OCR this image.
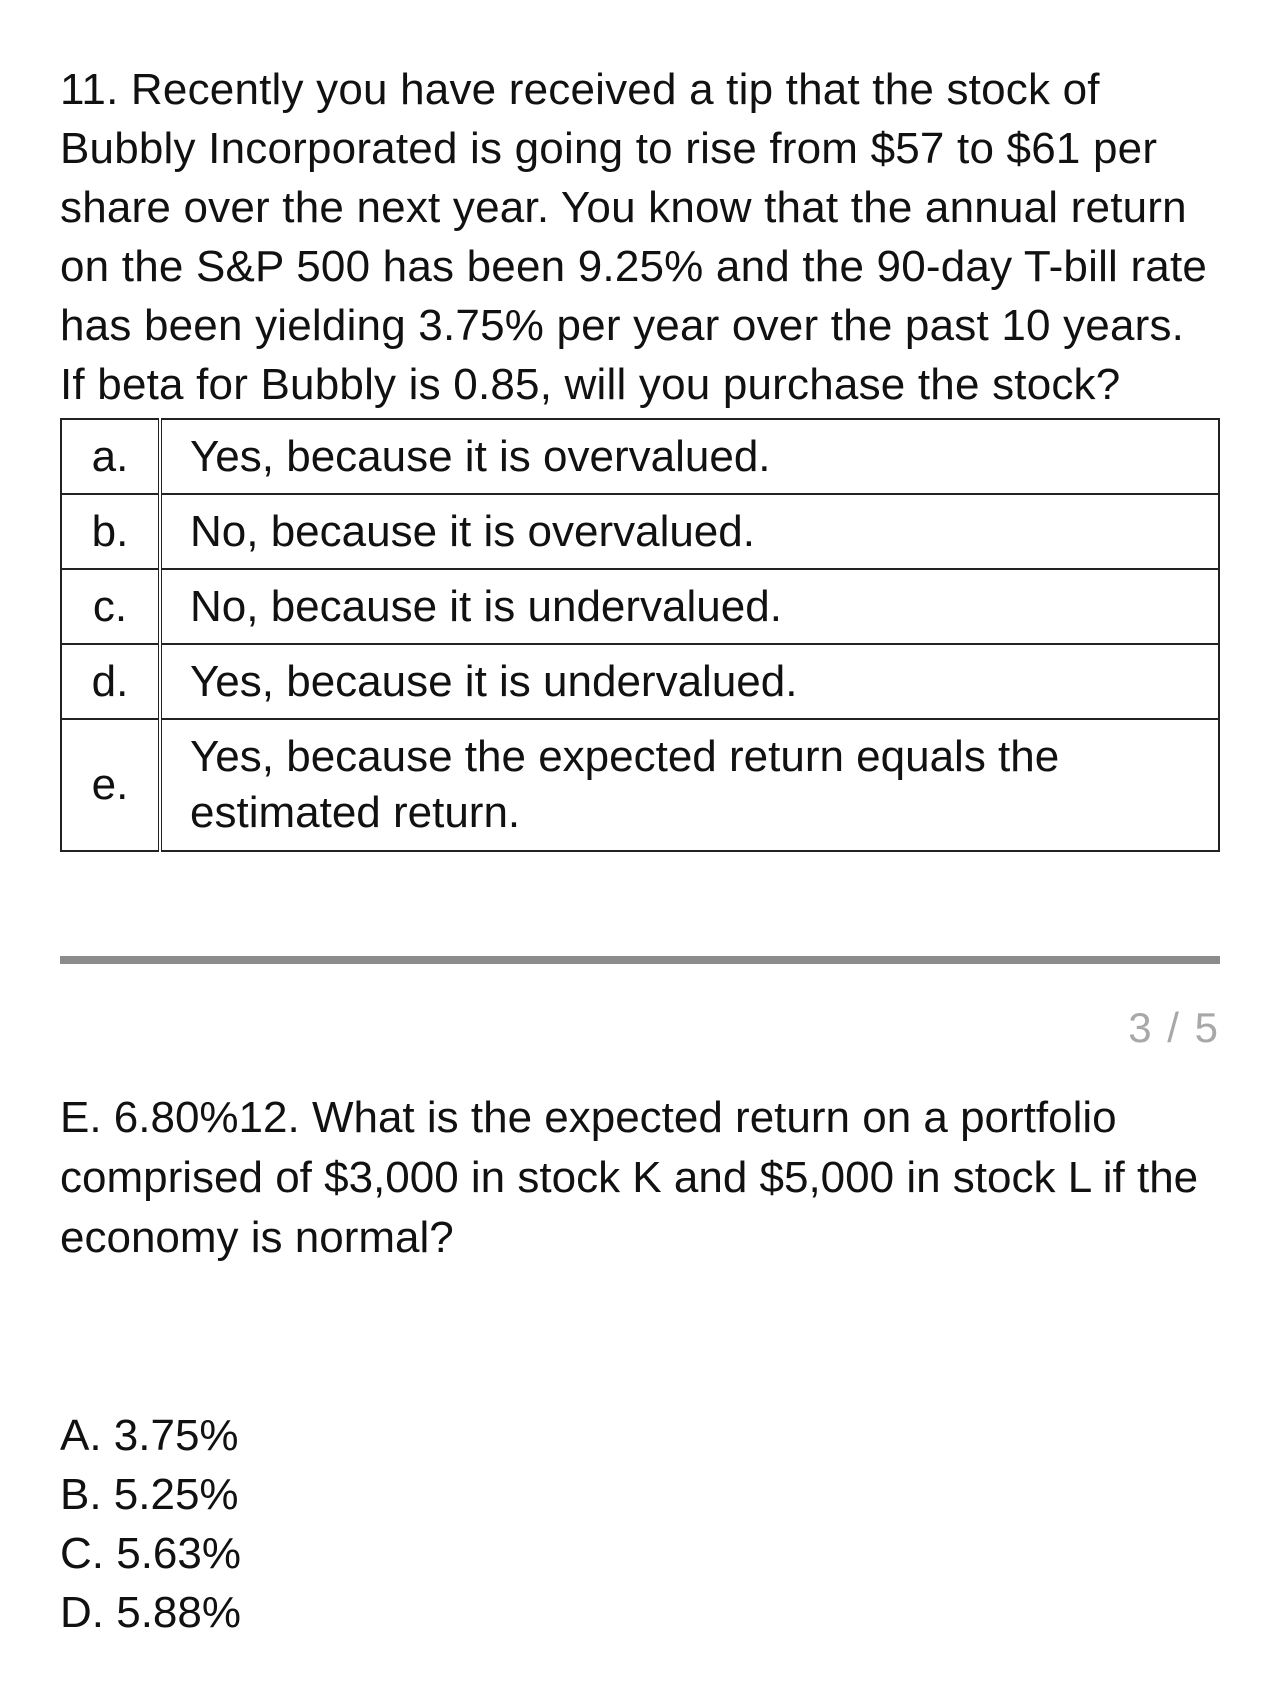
11. Recently you have received a tip that the stock of Bubbly Incorporated is going to rise from $57 to $61 per share over the next year. You know that the annual return on the S&P 500 has been 9.25% and the 90-day T-bill rate has been yielding 3.75% per year over the past 10 years. If beta for Bubbly is 0.85, will you purchase the stock?

a.	Yes, because it is overvalued.
b.	No, because it is overvalued.
c.	No, because it is undervalued.
d.	Yes, because it is undervalued.
e.	Yes, because the expected return equals the estimated return.
3 / 5

E. 6.80%12. What is the expected return on a portfolio comprised of $3,000 in stock K and $5,000 in stock L if the economy is normal?

A. 3.75%
B. 5.25%
C. 5.63%
D. 5.88%
